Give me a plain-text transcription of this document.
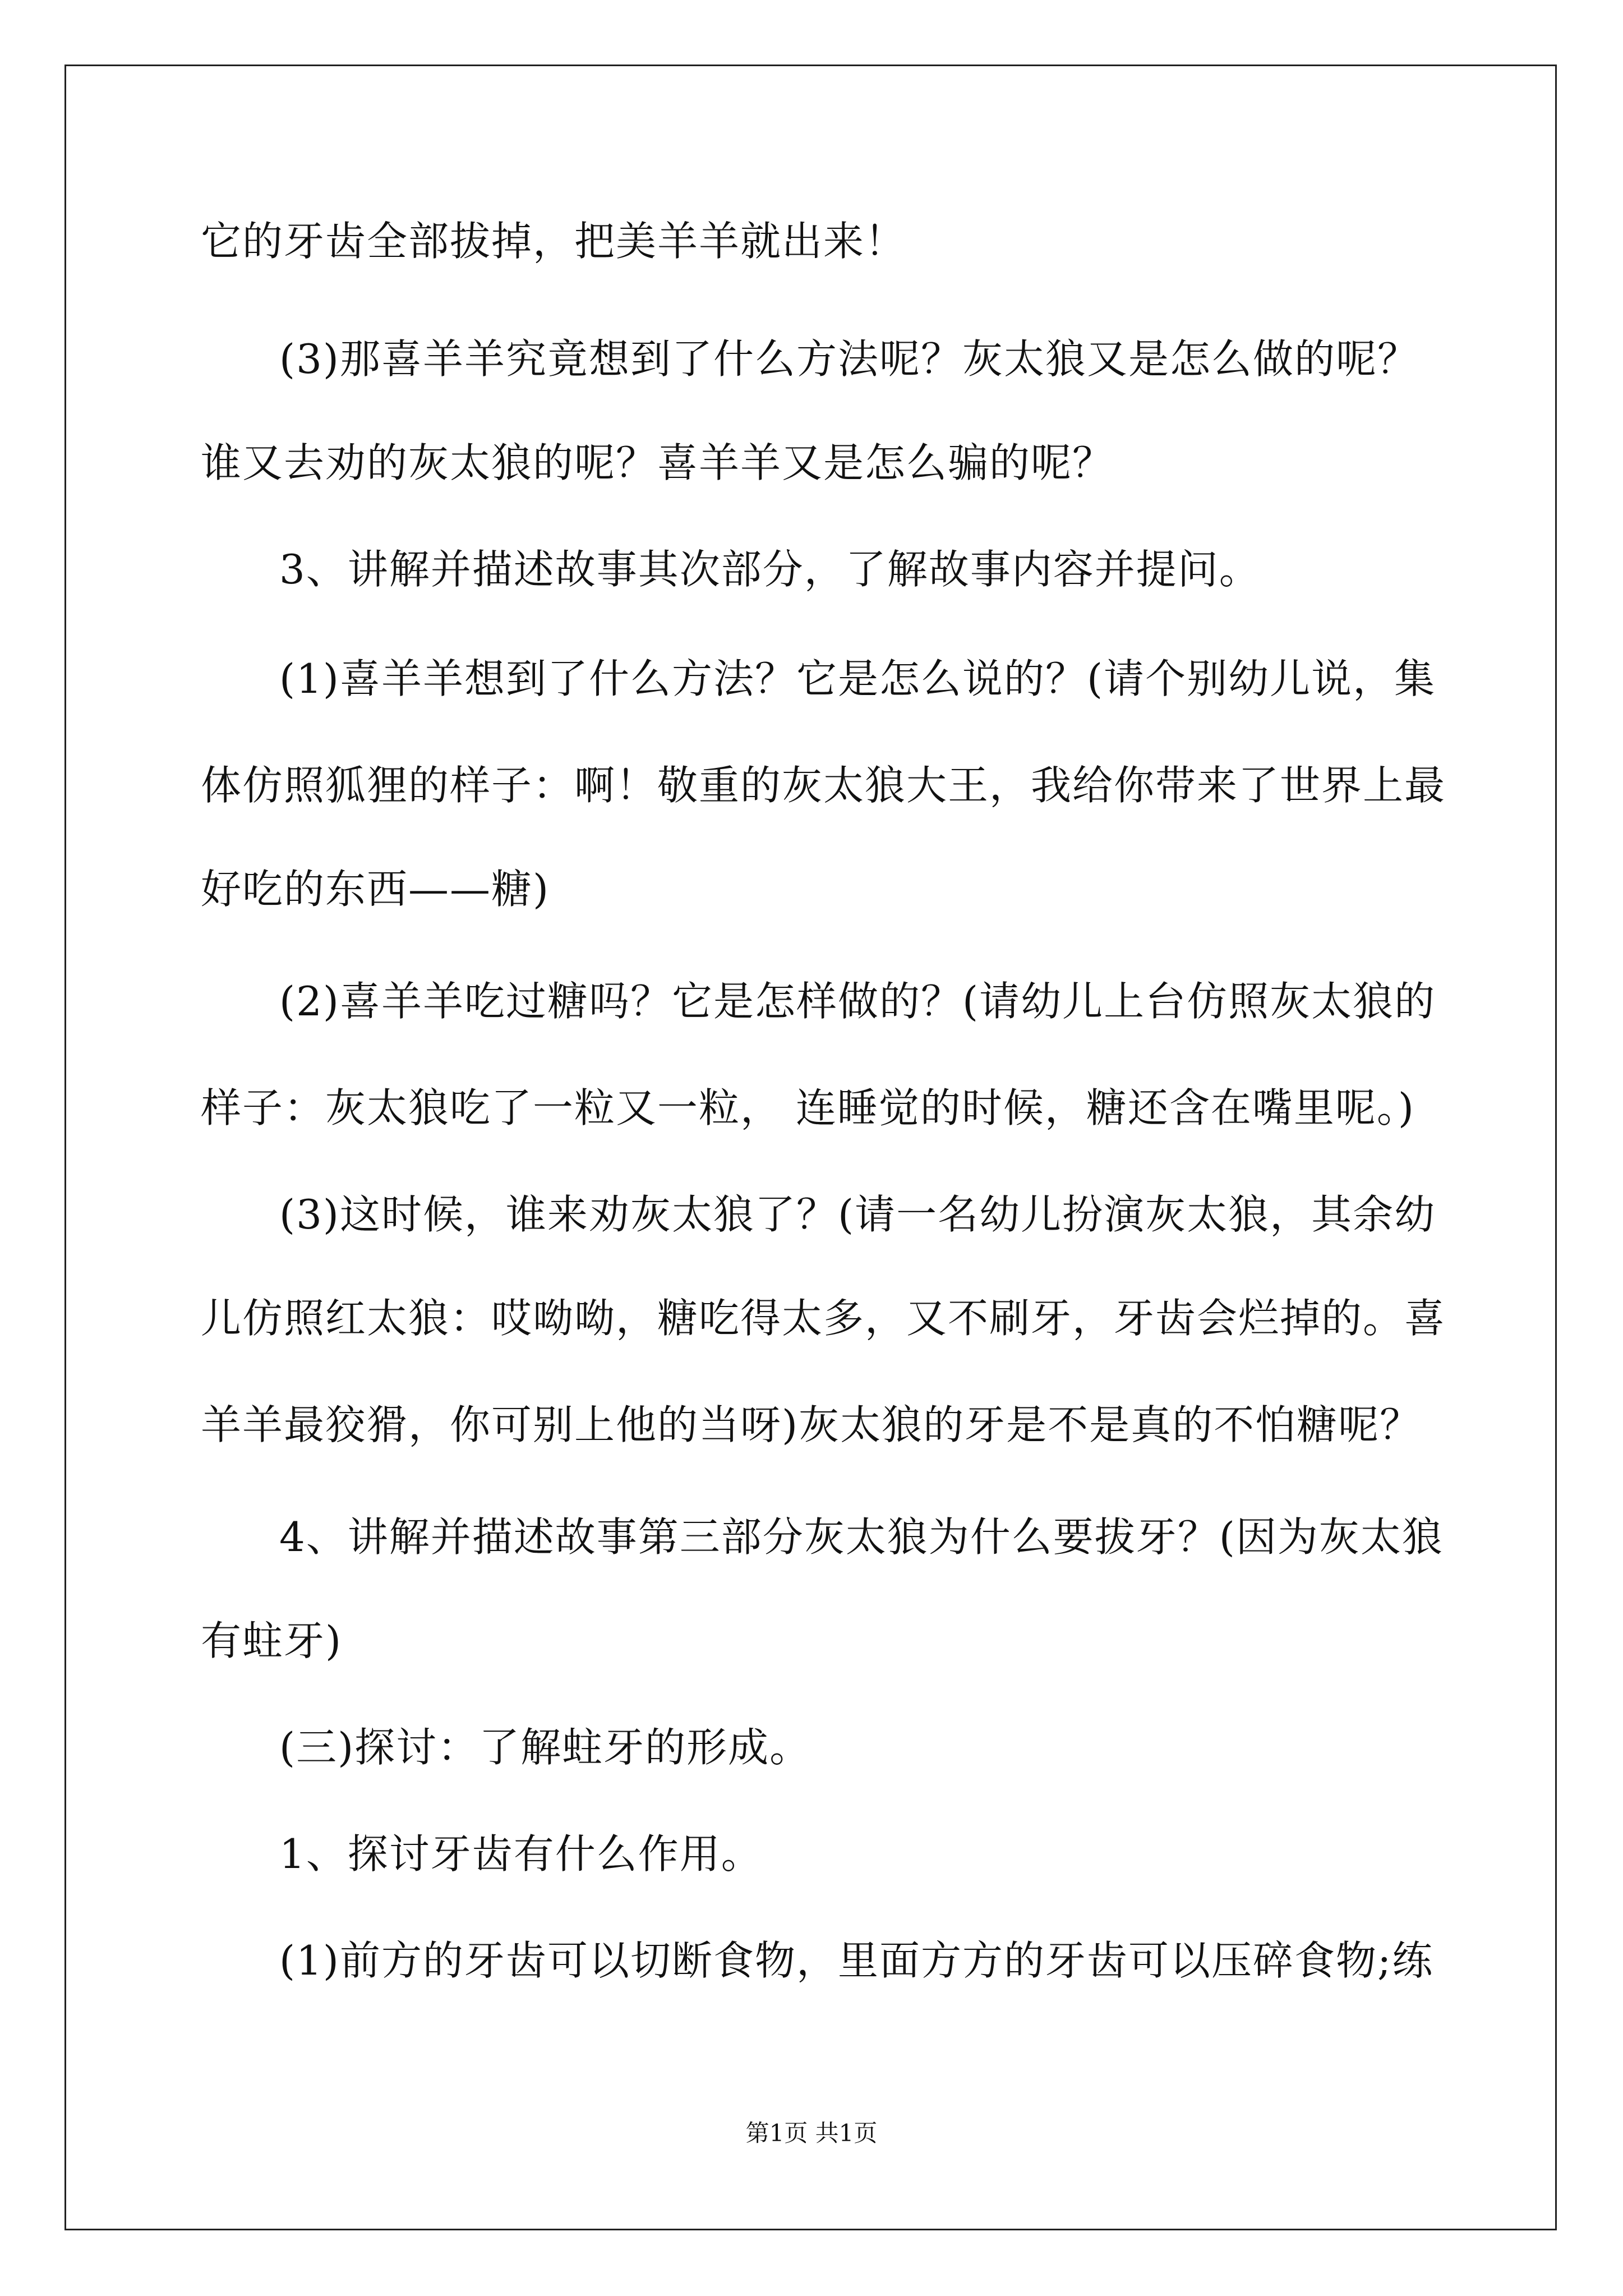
它的牙齿全部拔掉，把美羊羊就出来！
(3)那喜羊羊究竟想到了什么方法呢？灰太狼又是怎么做的呢？
谁又去劝的灰太狼的呢？喜羊羊又是怎么骗的呢？
3、讲解并描述故事其次部分，了解故事内容并提问。
(1)喜羊羊想到了什么方法？它是怎么说的？(请个别幼儿说，集
体仿照狐狸的样子：啊！敬重的灰太狼大王，我给你带来了世界上最
好吃的东西——糖)
(2)喜羊羊吃过糖吗？它是怎样做的？(请幼儿上台仿照灰太狼的
样子：灰太狼吃了一粒又一粒， 连睡觉的时候，糖还含在嘴里呢。)
(3)这时候，谁来劝灰太狼了？(请一名幼儿扮演灰太狼，其余幼
儿仿照红太狼：哎呦呦，糖吃得太多，又不刷牙，牙齿会烂掉的。喜
羊羊最狡猾，你可别上他的当呀)灰太狼的牙是不是真的不怕糖呢？
4、讲解并描述故事第三部分灰太狼为什么要拔牙？(因为灰太狼
有蛀牙)
(三)探讨：了解蛀牙的形成。
1、探讨牙齿有什么作用。
(1)前方的牙齿可以切断食物，里面方方的牙齿可以压碎食物;练
第1页 共1页
